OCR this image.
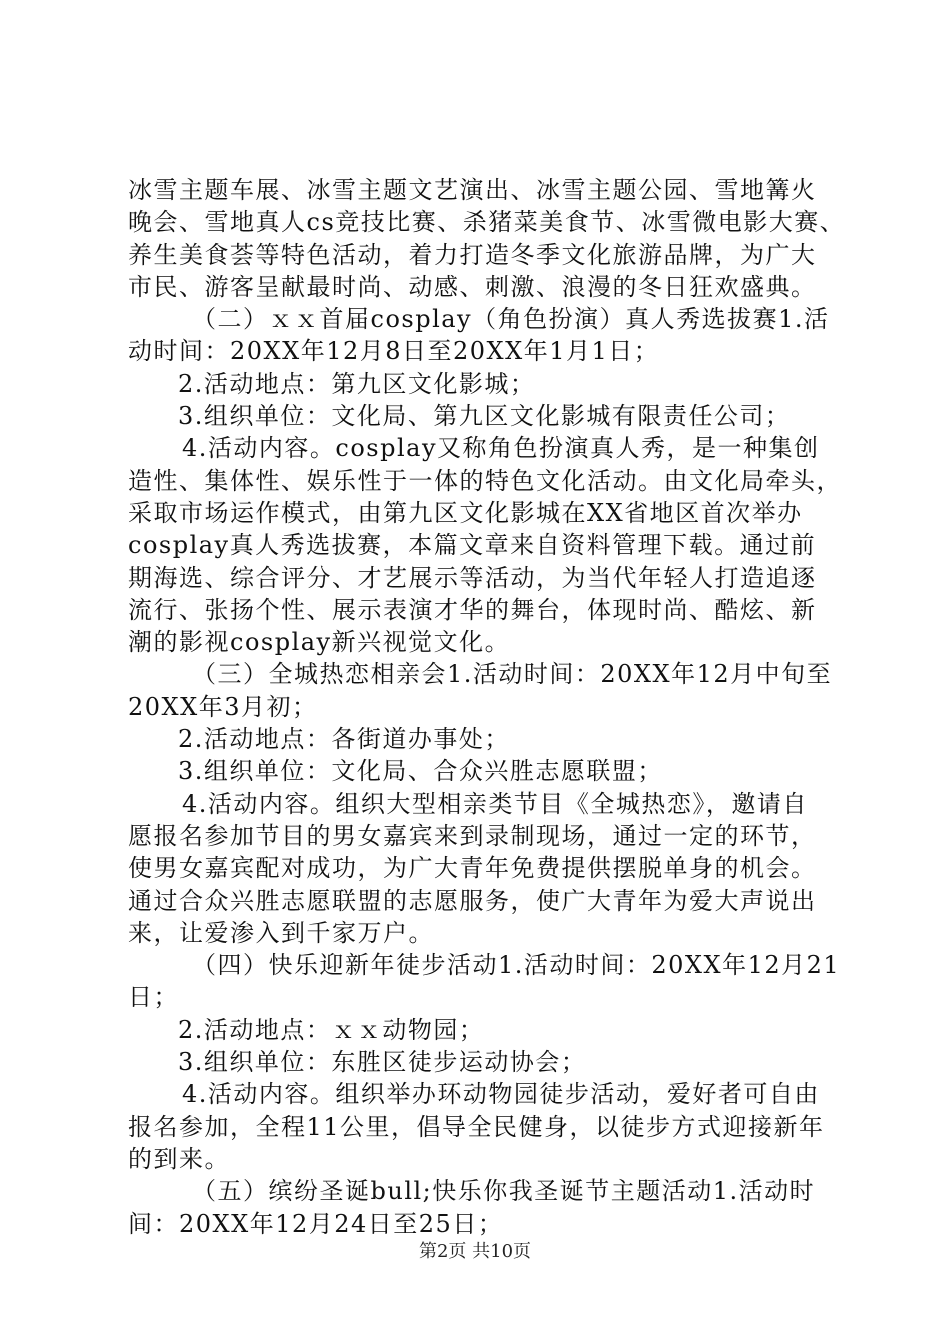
冰雪主题车展、冰雪主题文艺演出、冰雪主题公园、雪地篝火
晚会、雪地真人cs竞技比赛、杀猪菜美食节、冰雪微电影大赛、
养生美食荟等特色活动，着力打造冬季文化旅游品牌，为广大
市民、游客呈献最时尚、动感、刺激、浪漫的冬日狂欢盛典。
（二）ｘｘ首届cosplay（角色扮演）真人秀选拔赛1.活
动时间：20XX年12月8日至20XX年1月1日；
2.活动地点：第九区文化影城；
3.组织单位：文化局、第九区文化影城有限责任公司；
4.活动内容。cosplay又称角色扮演真人秀，是一种集创
造性、集体性、娱乐性于一体的特色文化活动。由文化局牵头，
采取市场运作模式，由第九区文化影城在XX省地区首次举办
cosplay真人秀选拔赛，本篇文章来自资料管理下载。通过前
期海选、综合评分、才艺展示等活动，为当代年轻人打造追逐
流行、张扬个性、展示表演才华的舞台，体现时尚、酷炫、新
潮的影视cosplay新兴视觉文化。
（三）全城热恋相亲会1.活动时间：20XX年12月中旬至
20XX年3月初；
2.活动地点：各街道办事处；
3.组织单位：文化局、合众兴胜志愿联盟；
4.活动内容。组织大型相亲类节目《全城热恋》，邀请自
愿报名参加节目的男女嘉宾来到录制现场，通过一定的环节，
使男女嘉宾配对成功，为广大青年免费提供摆脱单身的机会。
通过合众兴胜志愿联盟的志愿服务，使广大青年为爱大声说出
来，让爱渗入到千家万户。
（四）快乐迎新年徒步活动1.活动时间：20XX年12月21
日；
2.活动地点：ｘｘ动物园；
3.组织单位：东胜区徒步运动协会；
4.活动内容。组织举办环动物园徒步活动，爱好者可自由
报名参加，全程11公里，倡导全民健身，以徒步方式迎接新年
的到来。
（五）缤纷圣诞bull;快乐你我圣诞节主题活动1.活动时
间：20XX年12月24日至25日；
第2页 共10页
